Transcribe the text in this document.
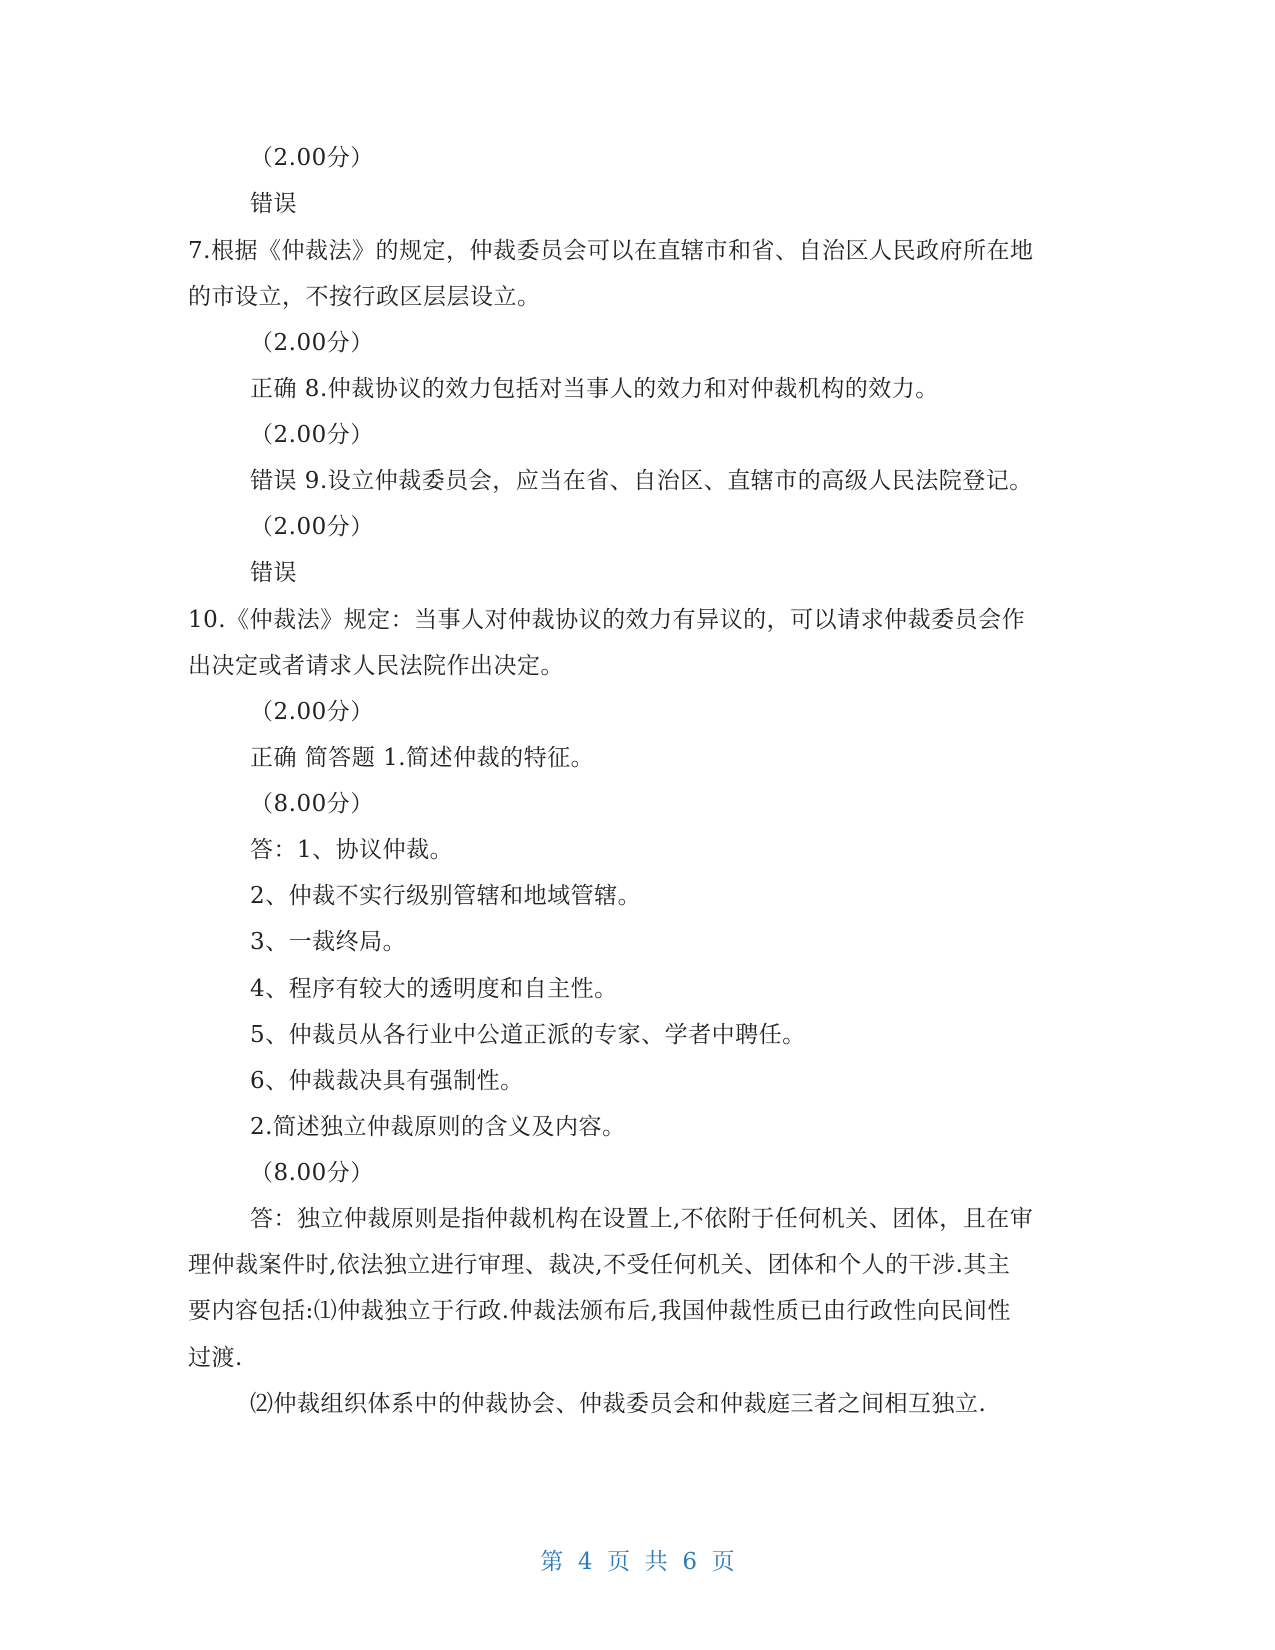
（2.00分）
错误
7.根据《仲裁法》的规定，仲裁委员会可以在直辖市和省、自治区人民政府所在地
的市设立，不按行政区层层设立。
（2.00分）
正确 8.仲裁协议的效力包括对当事人的效力和对仲裁机构的效力。
（2.00分）
错误 9.设立仲裁委员会，应当在省、自治区、直辖市的高级人民法院登记。
（2.00分）
错误
10.《仲裁法》规定：当事人对仲裁协议的效力有异议的，可以请求仲裁委员会作
出决定或者请求人民法院作出决定。
（2.00分）
正确 简答题 1.简述仲裁的特征。
（8.00分）
答：1、协议仲裁。
2、仲裁不实行级别管辖和地域管辖。
3、一裁终局。
4、程序有较大的透明度和自主性。
5、仲裁员从各行业中公道正派的专家、学者中聘任。
6、仲裁裁决具有强制性。
2.简述独立仲裁原则的含义及内容。
（8.00分）
答：独立仲裁原则是指仲裁机构在设置上,不依附于任何机关、团体，且在审
理仲裁案件时,依法独立进行审理、裁决,不受任何机关、团体和个人的干涉.其主
要内容包括:⑴仲裁独立于行政.仲裁法颁布后,我国仲裁性质已由行政性向民间性
过渡.
⑵仲裁组织体系中的仲裁协会、仲裁委员会和仲裁庭三者之间相互独立.
第  4  页  共  6  页
